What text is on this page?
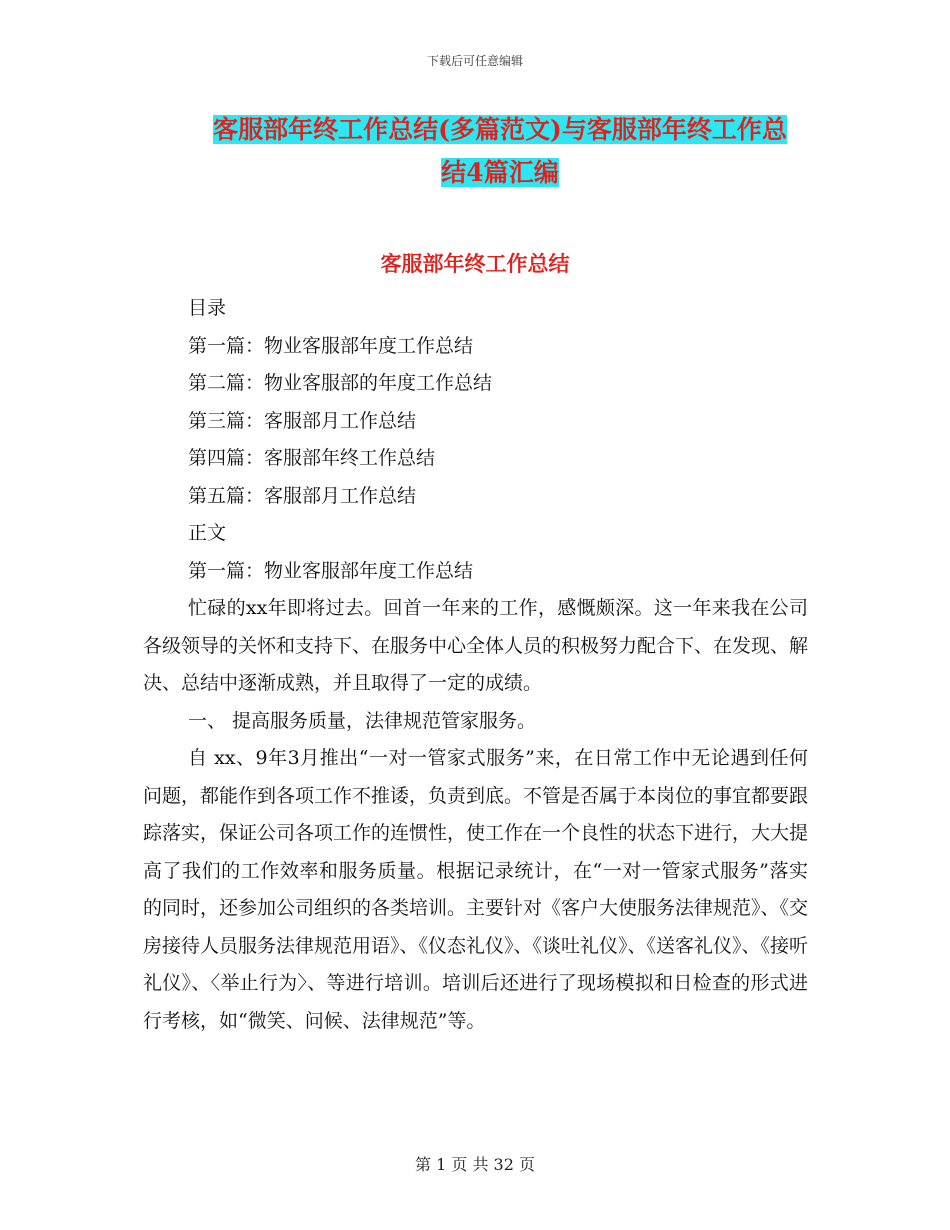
下载后可任意编辑
客服部年终工作总结(多篇范文)与客服部年终工作总
结4篇汇编
客服部年终工作总结
目录
第一篇：物业客服部年度工作总结
第二篇：物业客服部的年度工作总结
第三篇：客服部月工作总结
第四篇：客服部年终工作总结
第五篇：客服部月工作总结
正文
第一篇：物业客服部年度工作总结
忙碌的xx年即将过去。回首一年来的工作，感慨颇深。这一年来我在公司各级领导的关怀和支持下、在服务中心全体人员的积极努力配合下、在发现、解决、总结中逐渐成熟，并且取得了一定的成绩。
一、 提高服务质量，法律规范管家服务。
自 xx、9年3月推出“一对一管家式服务”来，在日常工作中无论遇到任何问题，都能作到各项工作不推诿，负责到底。不管是否属于本岗位的事宜都要跟踪落实，保证公司各项工作的连惯性，使工作在一个良性的状态下进行，大大提高了我们的工作效率和服务质量。根据记录统计，在“一对一管家式服务”落实的同时，还参加公司组织的各类培训。主要针对《客户大使服务法律规范》、《交房接待人员服务法律规范用语》、《仪态礼仪》、《谈吐礼仪》、《送客礼仪》、《接听礼仪》、〈举止行为〉、等进行培训。培训后还进行了现场模拟和日检查的形式进行考核，如“微笑、问候、法律规范”等。
第 1 页 共 32 页
